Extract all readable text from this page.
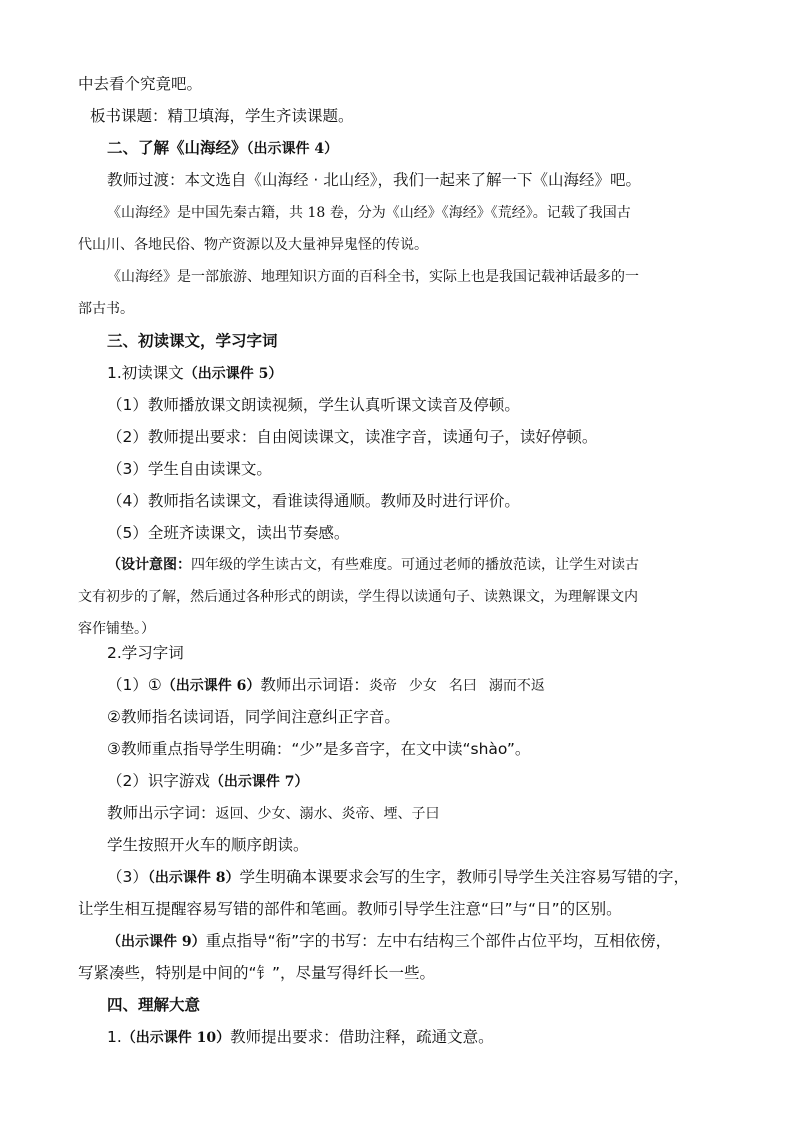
中去看个究竟吧。
板书课题：精卫填海，学生齐读课题。
二、了解《山海经》（出示课件 4）
教师过渡：本文选自《山海经 · 北山经》，我们一起来了解一下《山海经》吧。
《山海经》是中国先秦古籍，共 18 卷，分为《山经》《海经》《荒经》。记载了我国古
代山川、各地民俗、物产资源以及大量神异鬼怪的传说。
《山海经》是一部旅游、地理知识方面的百科全书，实际上也是我国记载神话最多的一
部古书。
三、初读课文，学习字词
1.初读课文（出示课件 5）
（1）教师播放课文朗读视频，学生认真听课文读音及停顿。
（2）教师提出要求：自由阅读课文，读准字音，读通句子，读好停顿。
（3）学生自由读课文。
（4）教师指名读课文，看谁读得通顺。教师及时进行评价。
（5）全班齐读课文，读出节奏感。
（设计意图：四年级的学生读古文，有些难度。可通过老师的播放范读，让学生对读古
文有初步的了解，然后通过各种形式的朗读，学生得以读通句子、读熟课文，为理解课文内
容作铺垫。）
2.学习字词
（1）①（出示课件 6）教师出示词语：炎帝 少女 名曰 溺而不返
②教师指名读词语，同学间注意纠正字音。
③教师重点指导学生明确：“少”是多音字，在文中读“shào”。
（2）识字游戏（出示课件 7）
教师出示字词：返回、少女、溺水、炎帝、堙、子曰
学生按照开火车的顺序朗读。
（3）（出示课件 8）学生明确本课要求会写的生字，教师引导学生关注容易写错的字，
让学生相互提醒容易写错的部件和笔画。教师引导学生注意“曰”与“日”的区别。
（出示课件 9）重点指导“衔”字的书写：左中右结构三个部件占位平均，互相依傍，
写紧凑些，特别是中间的“钅”，尽量写得纤长一些。
四、理解大意
1.（出示课件 10）教师提出要求：借助注释，疏通文意。
